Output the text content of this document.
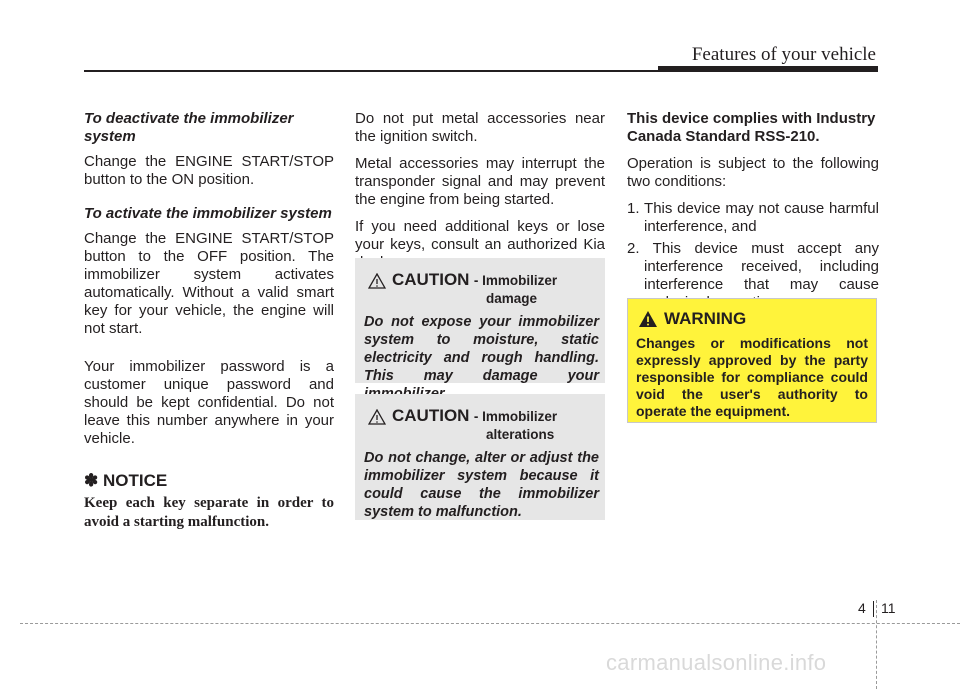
Features of your vehicle
To deactivate the immobilizer system

Change the ENGINE START/STOP button to the ON position.

To activate the immobilizer system

Change the ENGINE START/STOP button to the OFF position. The immobilizer system activates automatically. Without a valid smart key for your vehicle, the engine will not start.

Your immobilizer password is a customer unique password and should be kept confidential. Do not leave this number anywhere in your vehicle.

✽ NOTICE

Keep each key separate in order to avoid a starting malfunction.

Do not put metal accessories near the ignition switch.

Metal accessories may interrupt the transponder signal and may prevent the engine from being started.

If you need additional keys or lose your keys, consult an authorized Kia

CAUTION - Immobilizer
damage

Do not expose your immobilizer system to moisture, static electricity and rough handling. This may damage your

CAUTION - Immobilizer
alterations

Do not change, alter or adjust the immobilizer system because it could cause the immobilizer system to malfunction.

This device complies with Industry Canada Standard RSS-210.

Operation is subject to the following two conditions:

1. This device may not cause harmful interference, and
2. This device must accept any interference received, including interference that may cause
WARNING

Changes or modifications not expressly approved by the party responsible for compliance could void the user's authority to operate the equipment.

4 11
carmanualsonline.info
